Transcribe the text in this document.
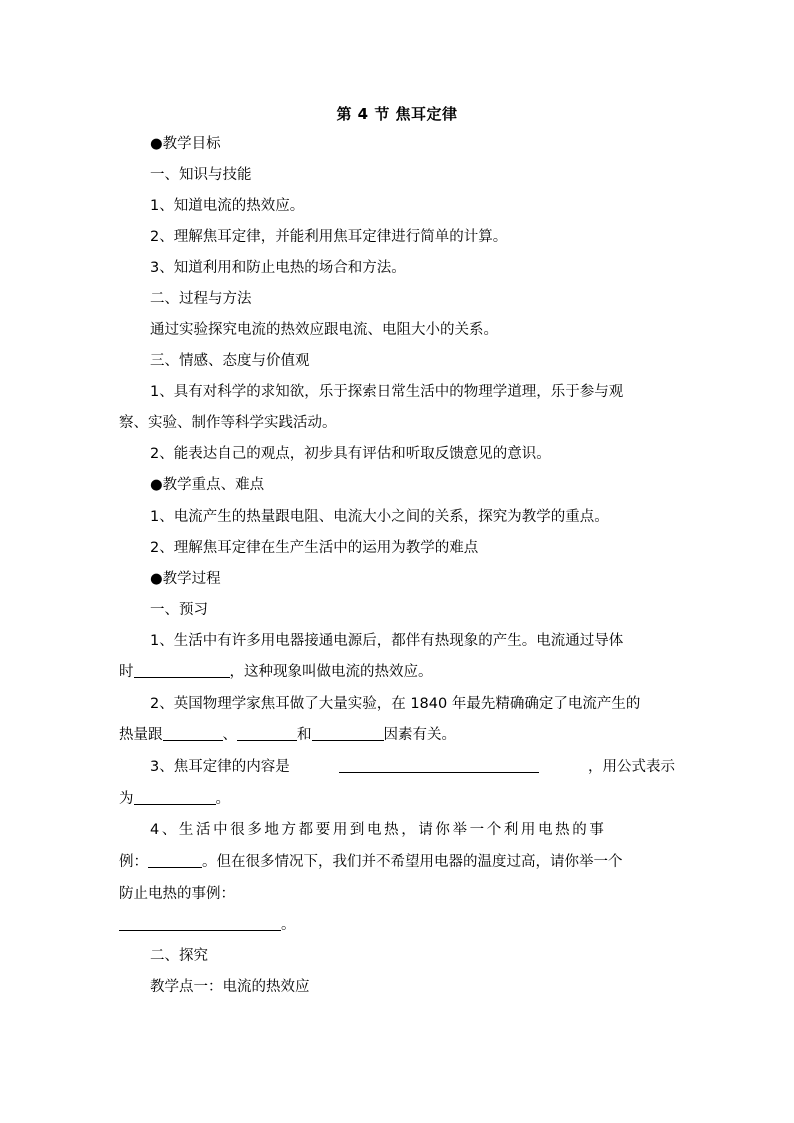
第 4 节 焦耳定律
●教学目标
一、知识与技能
1、知道电流的热效应。
2、理解焦耳定律，并能利用焦耳定律进行简单的计算。
3、知道利用和防止电热的场合和方法。
二、过程与方法
通过实验探究电流的热效应跟电流、电阻大小的关系。
三、情感、态度与价值观
1、具有对科学的求知欲，乐于探索日常生活中的物理学道理，乐于参与观
察、实验、制作等科学实践活动。
2、能表达自己的观点，初步具有评估和听取反馈意见的意识。
●教学重点、难点
1、电流产生的热量跟电阻、电流大小之间的关系，探究为教学的重点。
2、理解焦耳定律在生产生活中的运用为教学的难点
●教学过程
一、预习
1、生活中有许多用电器接通电源后，都伴有热现象的产生。电流通过导体
时	，这种现象叫做电流的热效应。
2、英国物理学家焦耳做了大量实验，在 1840 年最先精确确定了电流产生的
热量跟	、	和	因素有关。
3、焦耳定律的内容是	，用公式表示
为	。
4、生活中很多地方都要用到电热，请你举一个利用电热的事
例：	。但在很多情况下，我们并不希望用电器的温度过高，请你举一个
防止电热的事例：
。
二、探究
教学点一：电流的热效应
